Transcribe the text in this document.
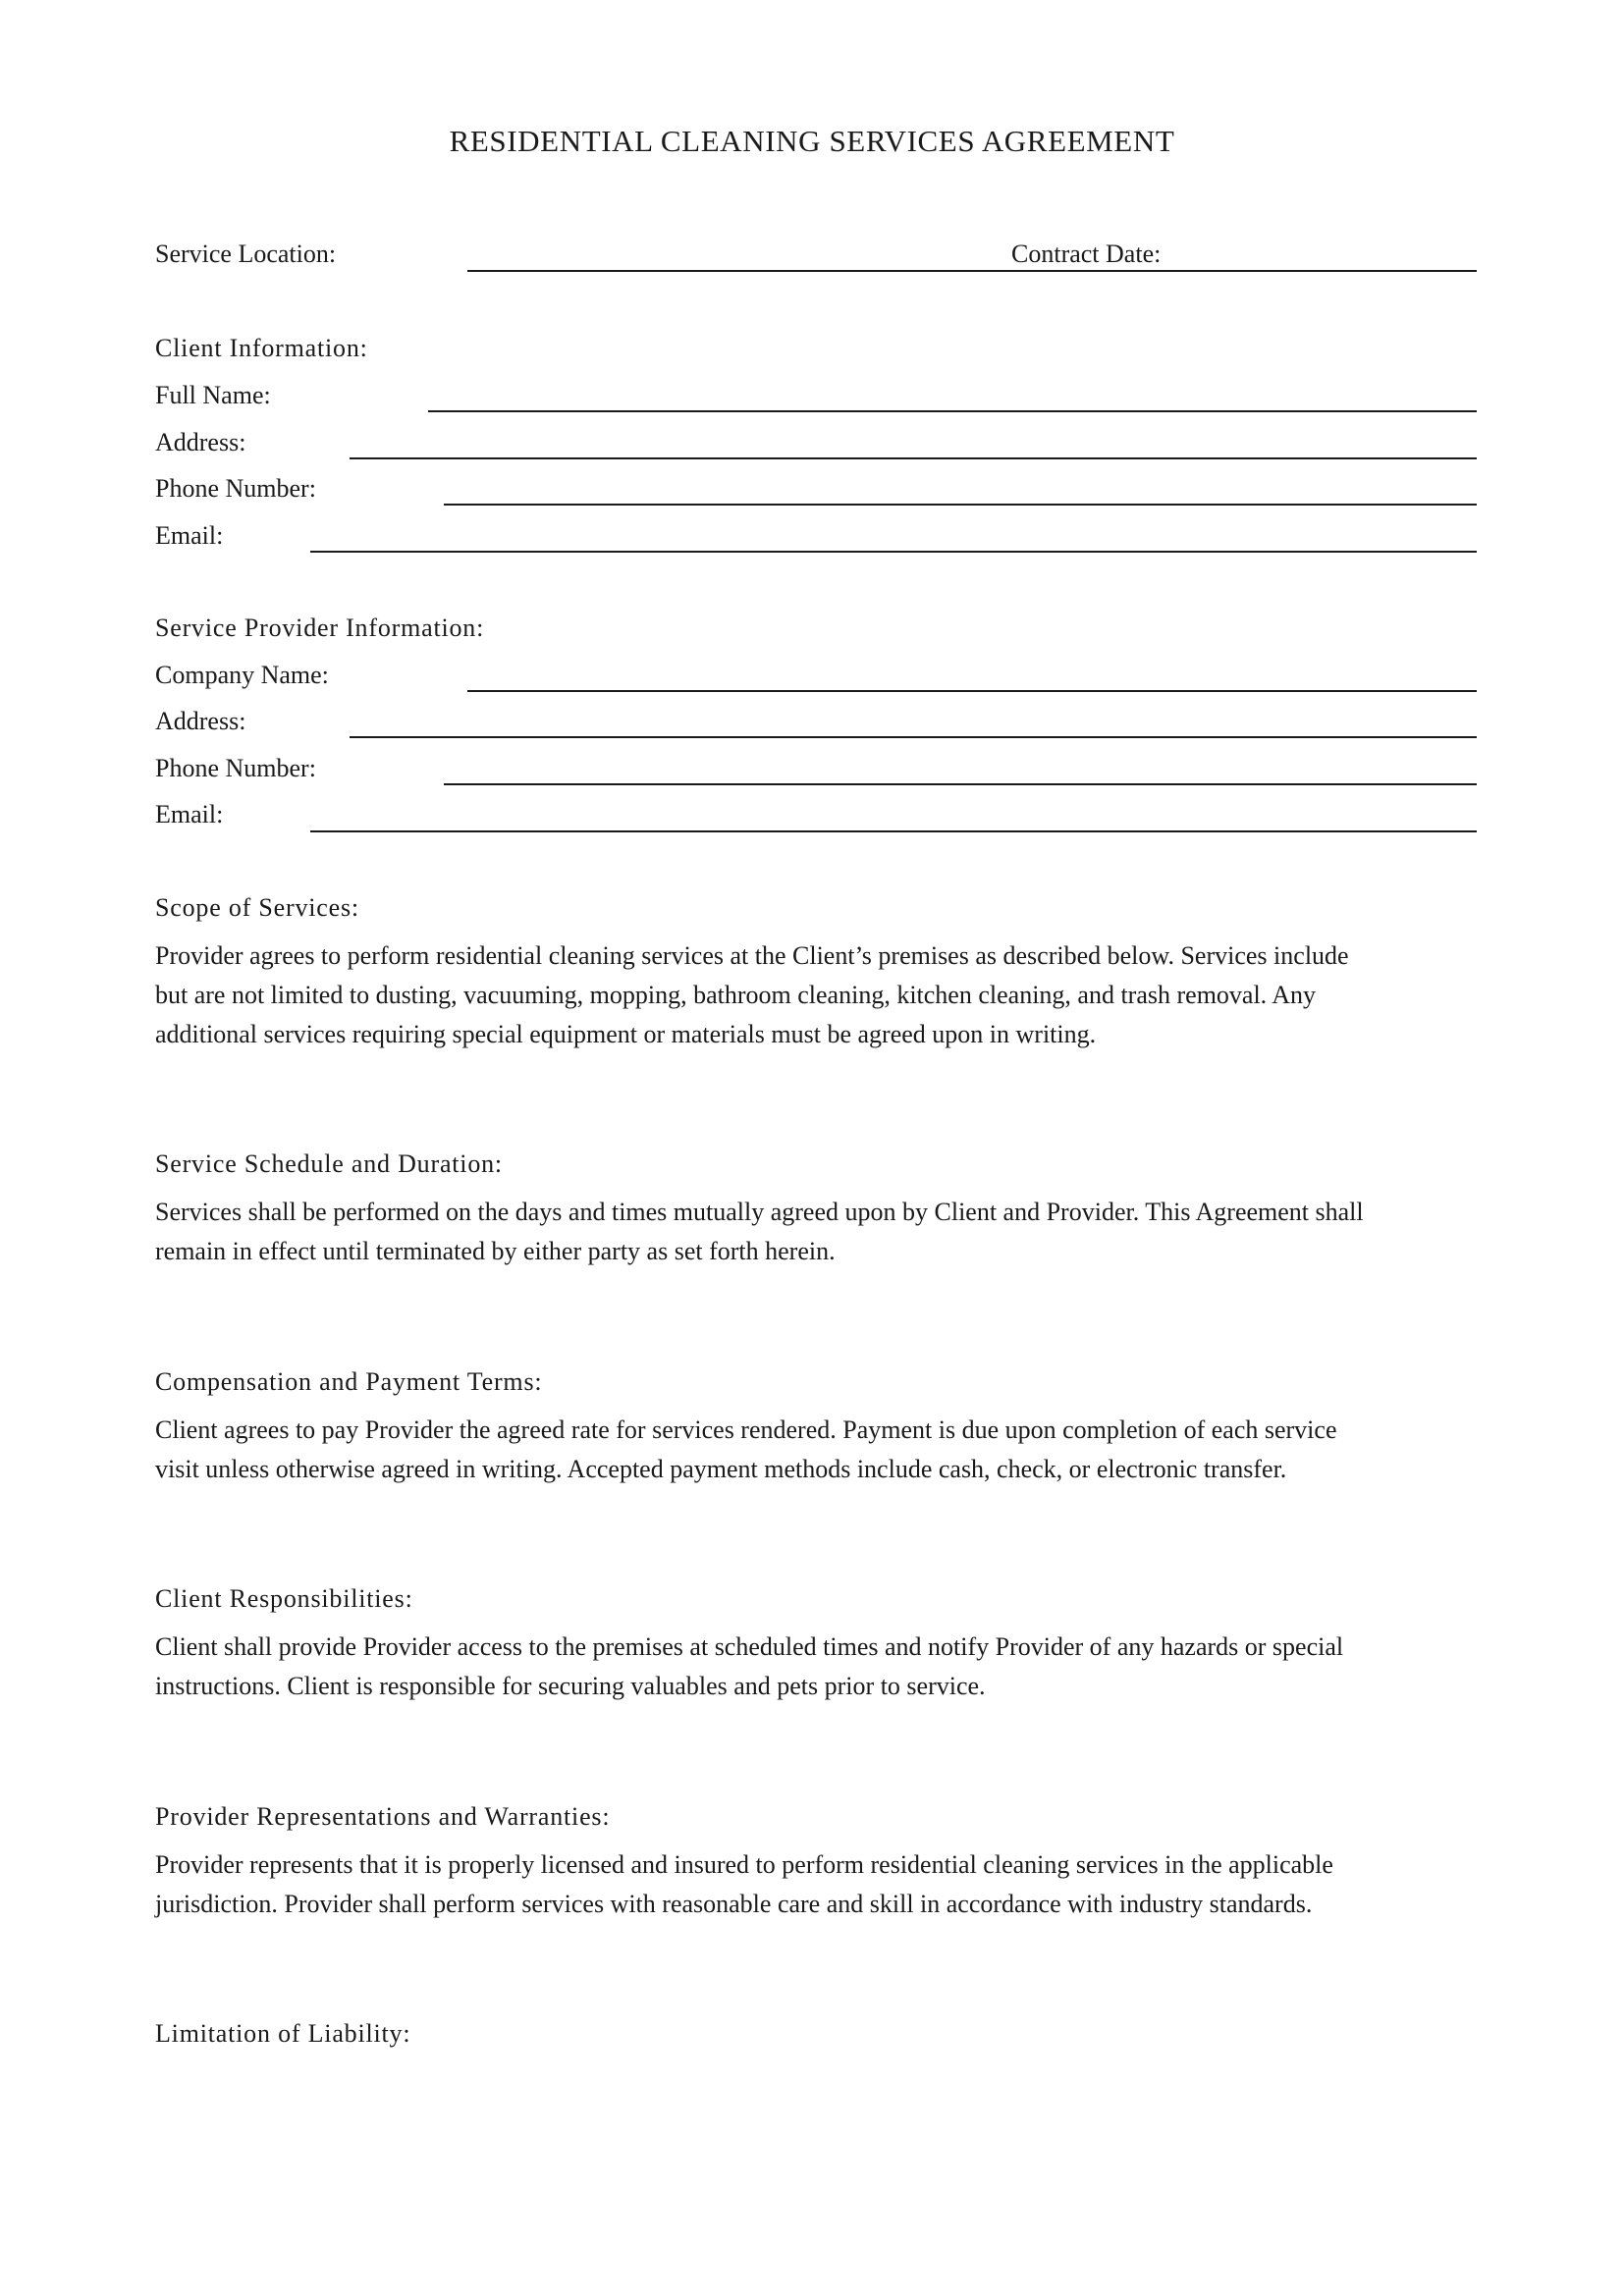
RESIDENTIAL CLEANING SERVICES AGREEMENT
Service Location:	Contract Date:
Client Information:
Full Name:
Address:
Phone Number:
Email:
Service Provider Information:
Company Name:
Address:
Phone Number:
Email:
Scope of Services:
Provider agrees to perform residential cleaning services at the Client’s premises as described below. Services include
but are not limited to dusting, vacuuming, mopping, bathroom cleaning, kitchen cleaning, and trash removal. Any
additional services requiring special equipment or materials must be agreed upon in writing.
Service Schedule and Duration:
Services shall be performed on the days and times mutually agreed upon by Client and Provider. This Agreement shall
remain in effect until terminated by either party as set forth herein.
Compensation and Payment Terms:
Client agrees to pay Provider the agreed rate for services rendered. Payment is due upon completion of each service
visit unless otherwise agreed in writing. Accepted payment methods include cash, check, or electronic transfer.
Client Responsibilities:
Client shall provide Provider access to the premises at scheduled times and notify Provider of any hazards or special
instructions. Client is responsible for securing valuables and pets prior to service.
Provider Representations and Warranties:
Provider represents that it is properly licensed and insured to perform residential cleaning services in the applicable
jurisdiction. Provider shall perform services with reasonable care and skill in accordance with industry standards.
Limitation of Liability:
